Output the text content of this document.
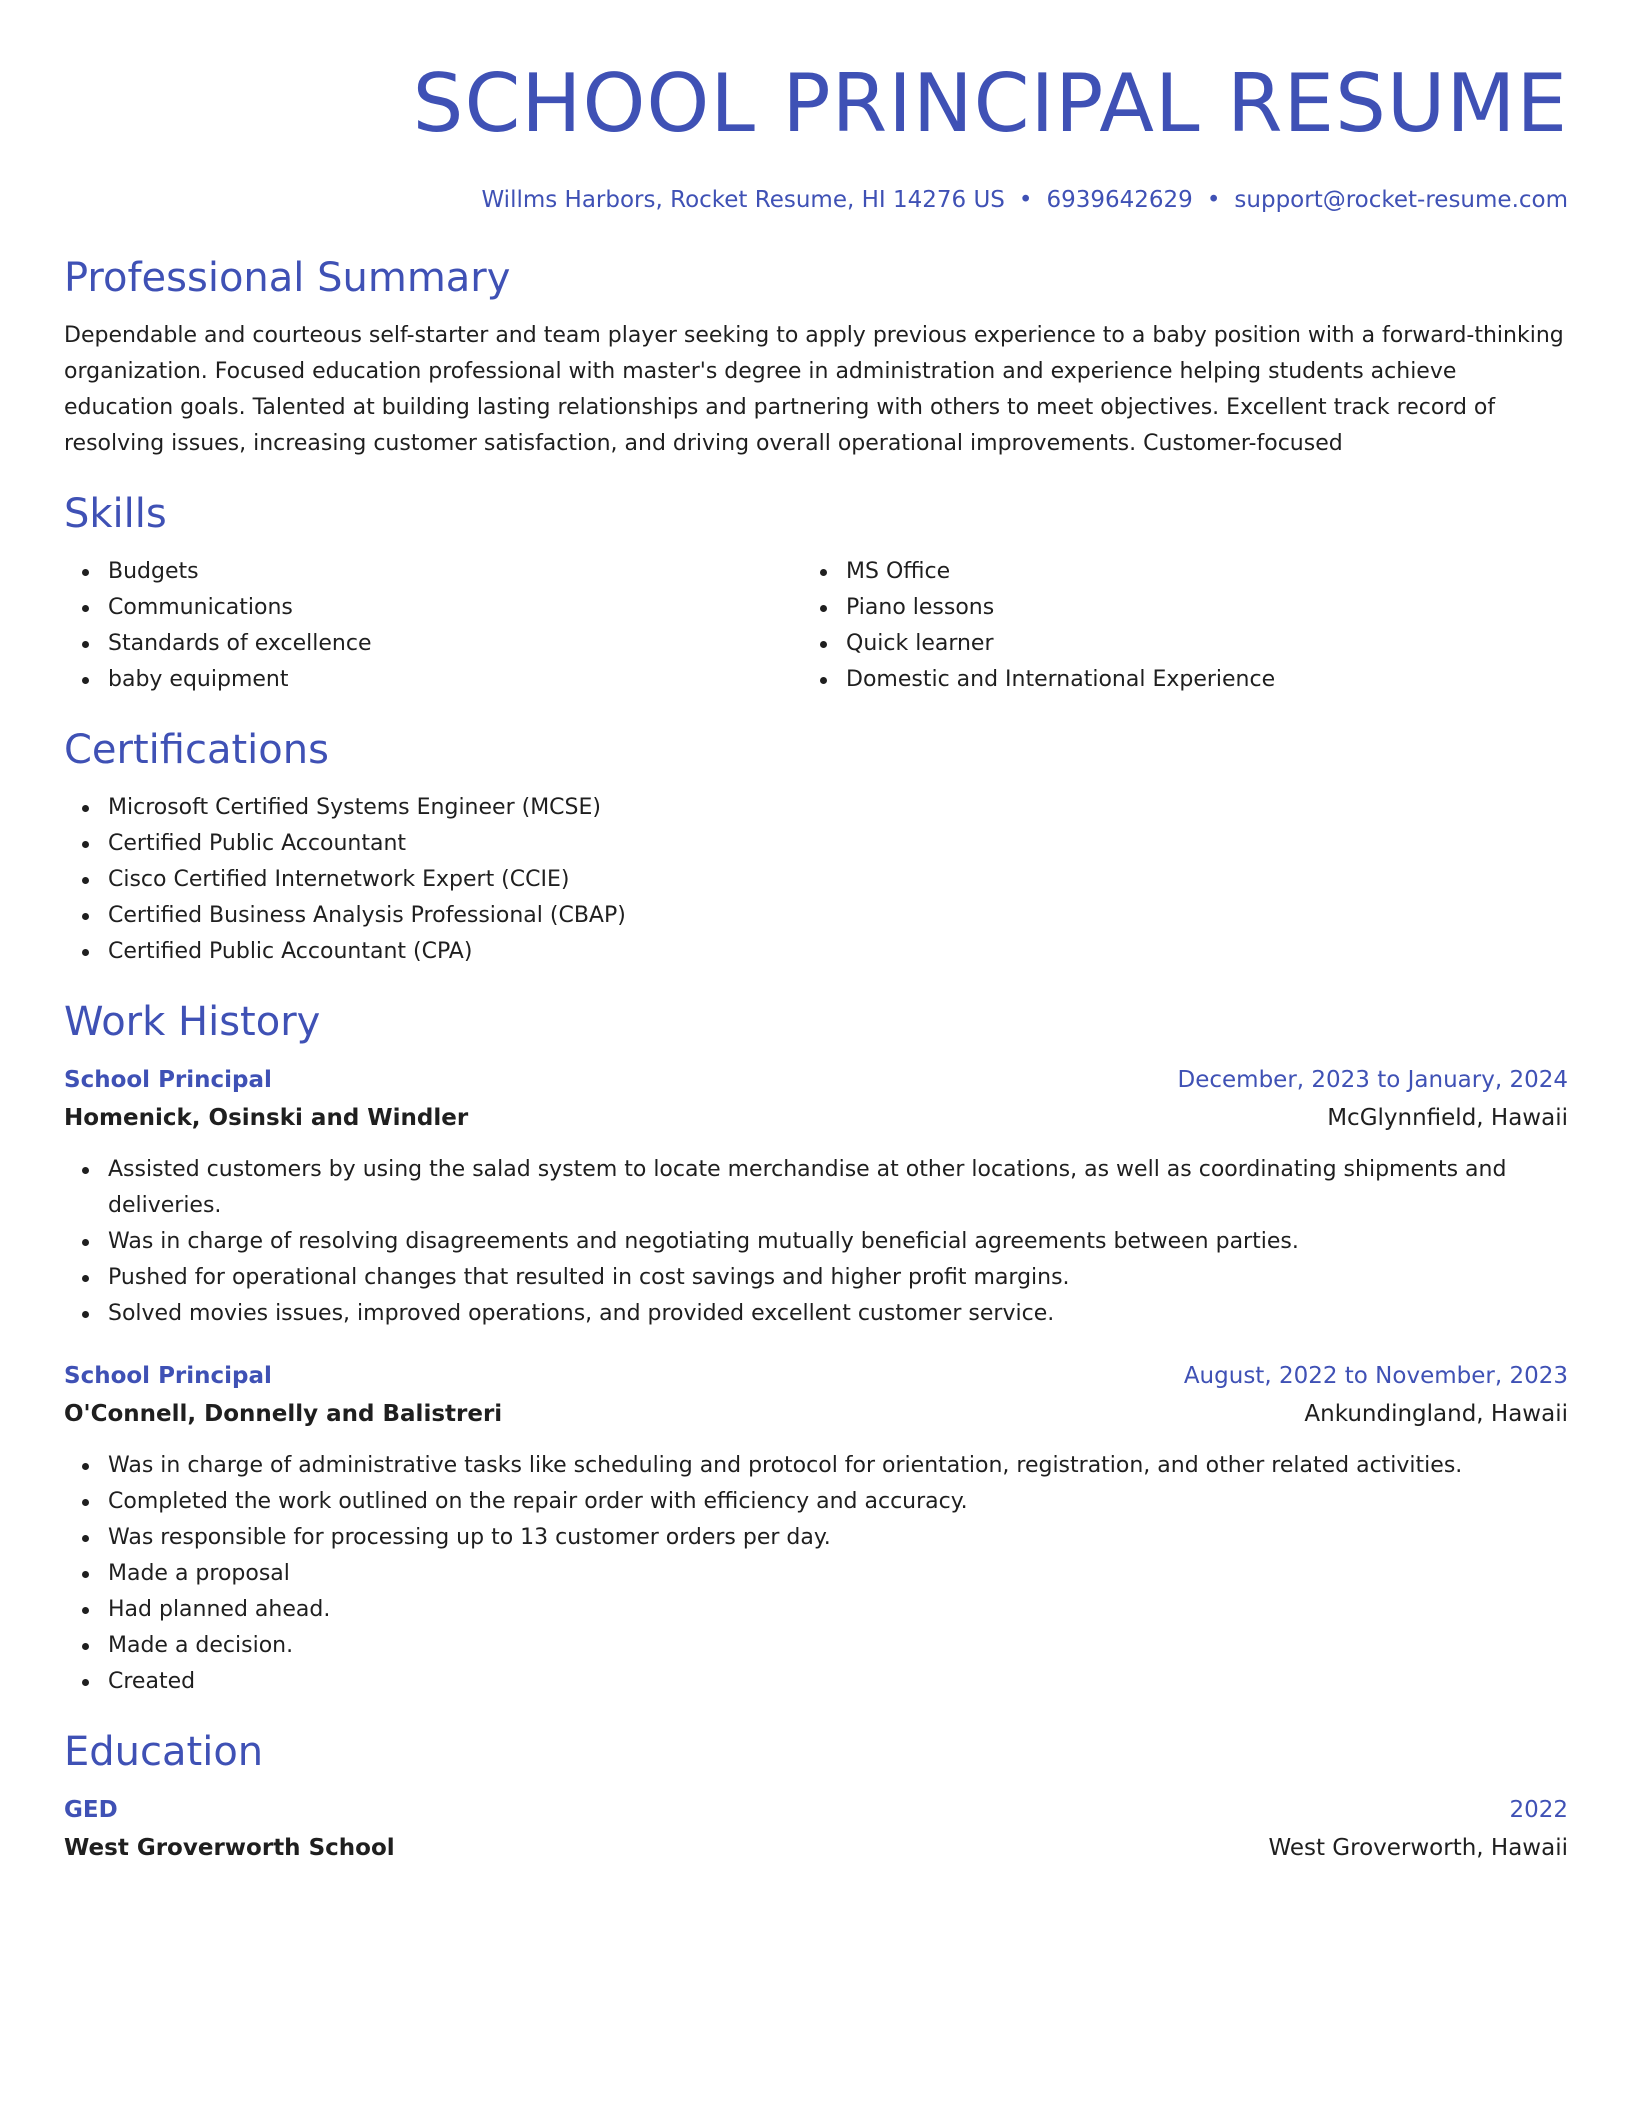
SCHOOL PRINCIPAL RESUME
Willms Harbors, Rocket Resume, HI 14276 US • 6939642629 • support@rocket-resume.com
Professional Summary

Dependable and courteous self-starter and team player seeking to apply previous experience to a baby position with a forward-thinking organization. Focused education professional with master's degree in administration and experience helping students achieve education goals. Talented at building lasting relationships and partnering with others to meet objectives. Excellent track record of resolving issues, increasing customer satisfaction, and driving overall operational improvements. Customer-focused

Skills
Budgets
Communications
Standards of excellence
baby equipment
MS Office
Piano lessons
Quick learner
Domestic and International Experience
Certifications
Microsoft Certified Systems Engineer (MCSE)
Certified Public Accountant
Cisco Certified Internetwork Expert (CCIE)
Certified Business Analysis Professional (CBAP)
Certified Public Accountant (CPA)
Work History
School Principal	December, 2023 to January, 2024
Homenick, Osinski and Windler	McGlynnfield, Hawaii
Assisted customers by using the salad system to locate merchandise at other locations, as well as coordinating shipments and deliveries.
Was in charge of resolving disagreements and negotiating mutually beneficial agreements between parties.
Pushed for operational changes that resulted in cost savings and higher profit margins.
Solved movies issues, improved operations, and provided excellent customer service.
School Principal	August, 2022 to November, 2023
O'Connell, Donnelly and Balistreri	Ankundingland, Hawaii
Was in charge of administrative tasks like scheduling and protocol for orientation, registration, and other related activities.
Completed the work outlined on the repair order with efficiency and accuracy.
Was responsible for processing up to 13 customer orders per day.
Made a proposal
Had planned ahead.
Made a decision.
Created
Education
GED	2022
West Groverworth School	West Groverworth, Hawaii
